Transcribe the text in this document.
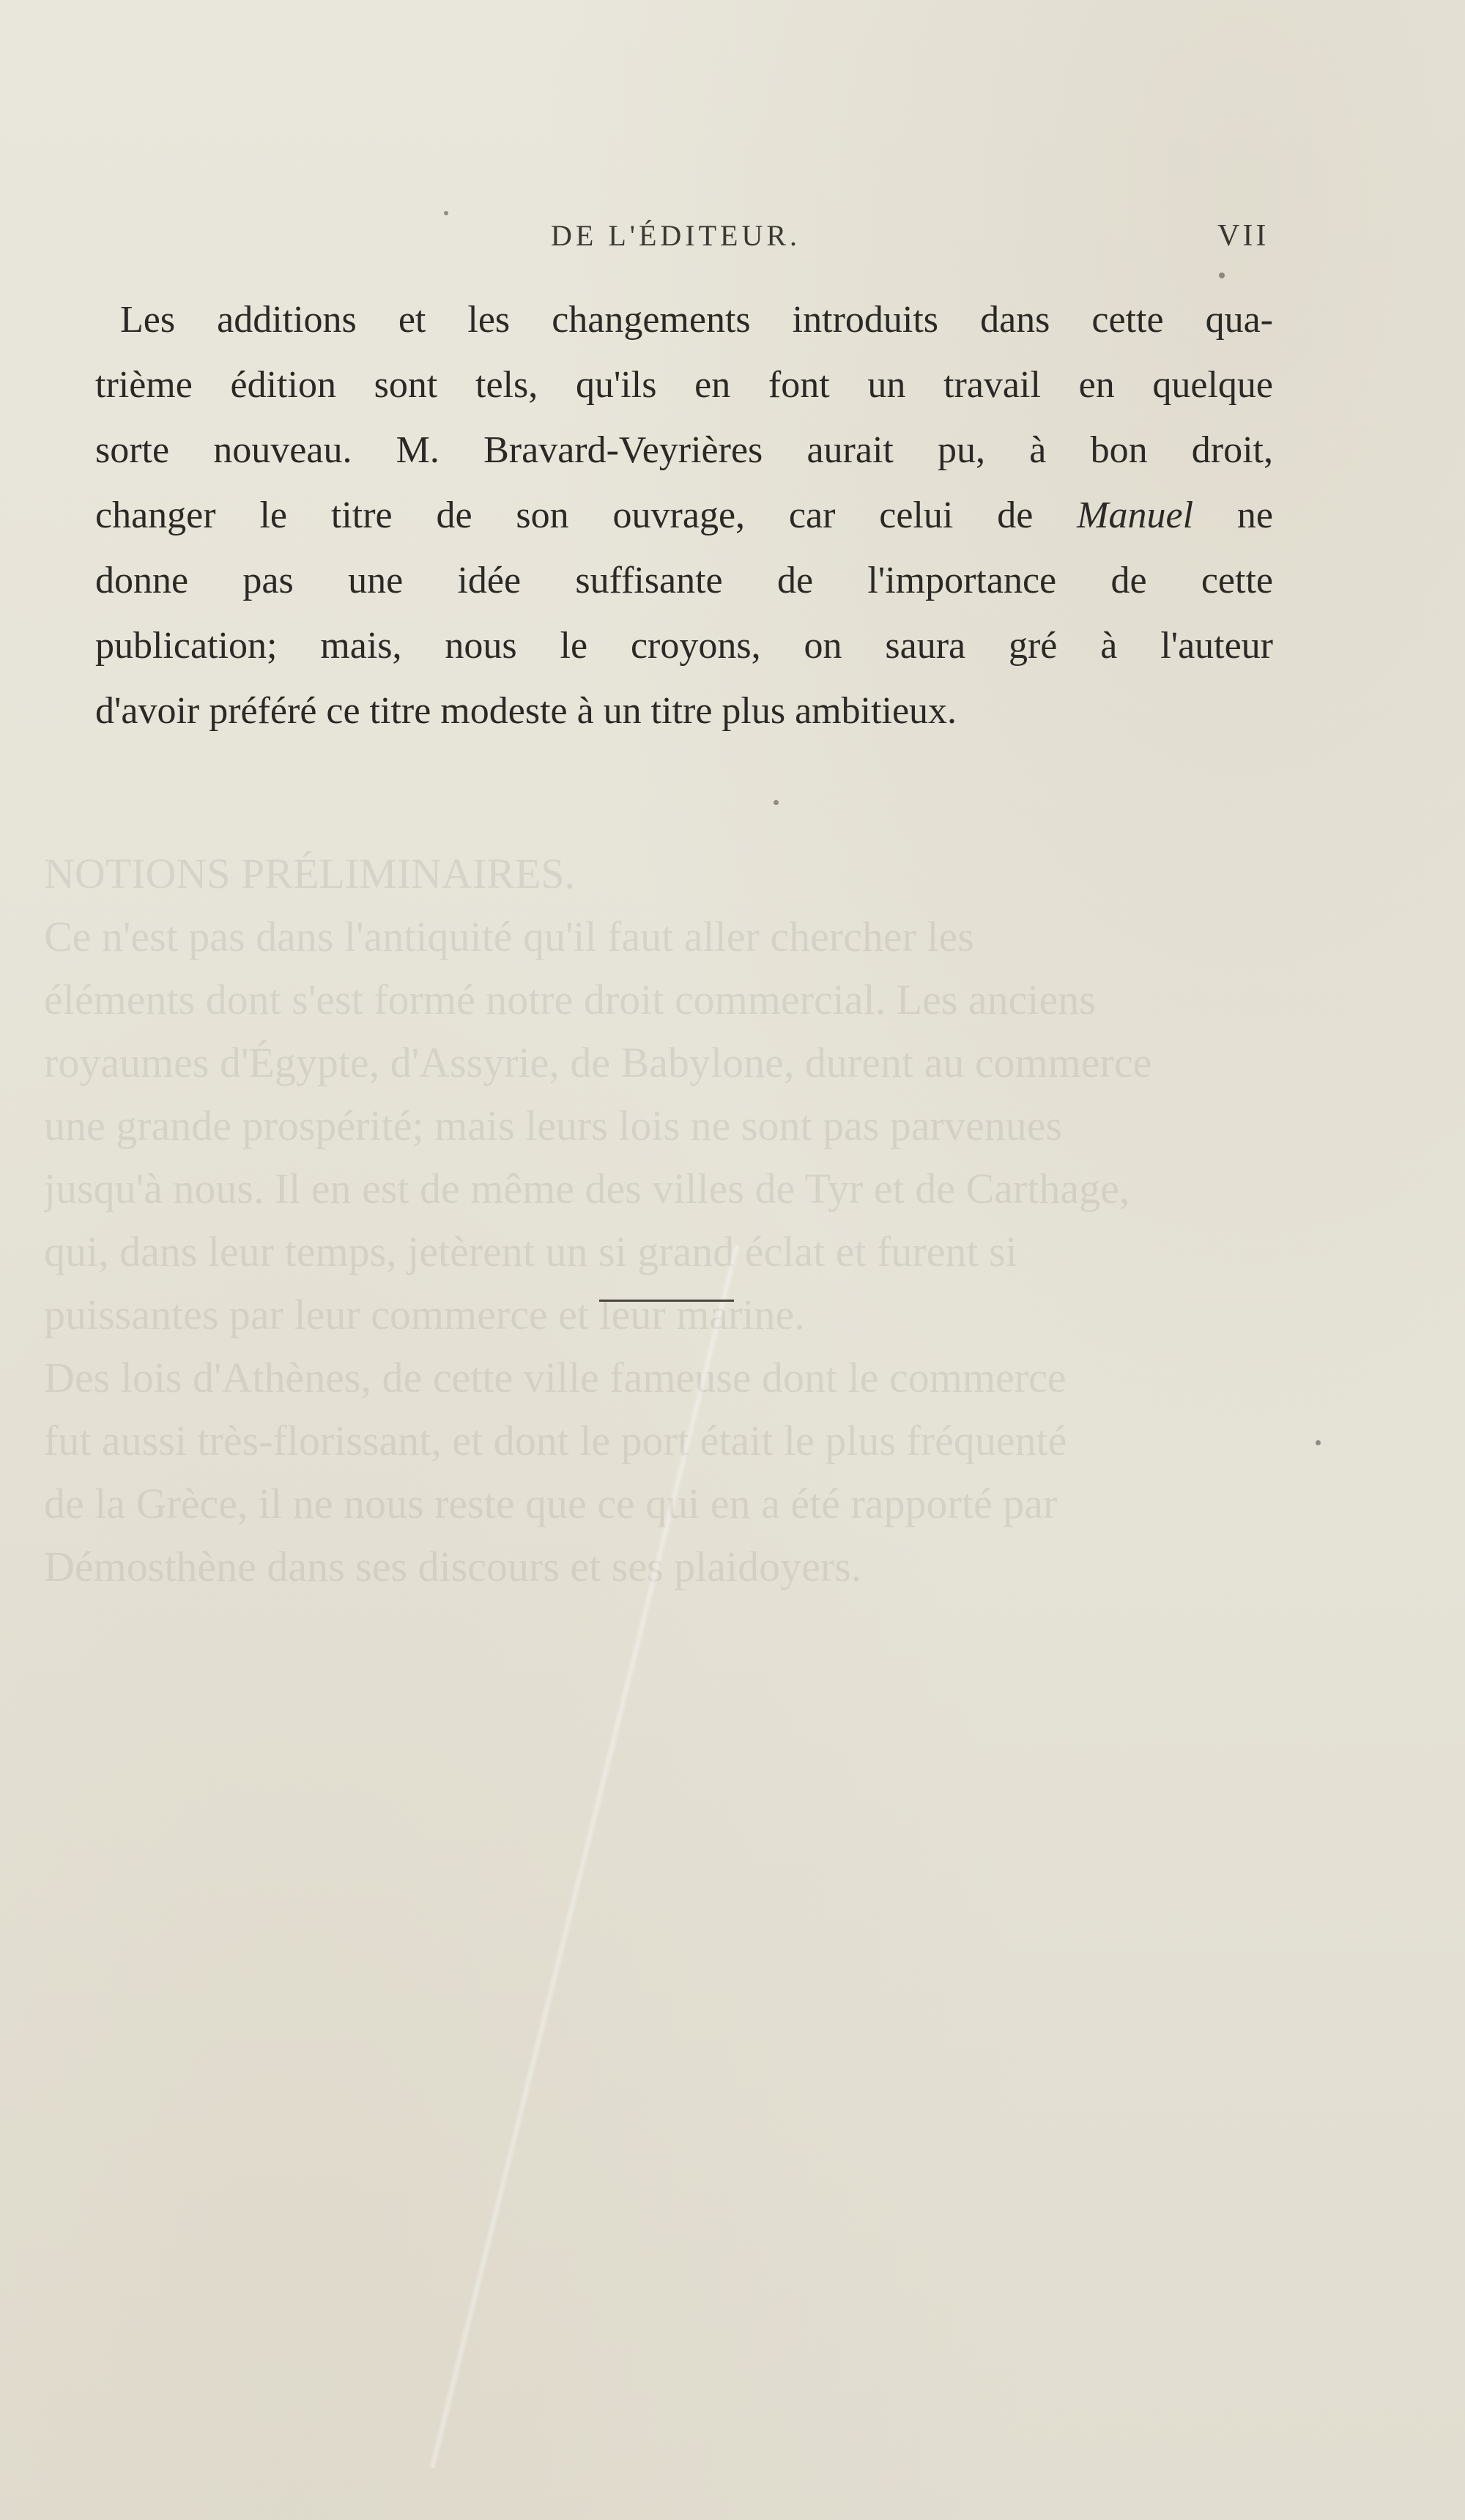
NOTIONS PRÉLIMINAIRES.
Ce n'est pas dans l'antiquité qu'il faut aller chercher les
éléments dont s'est formé notre droit commercial. Les anciens
royaumes d'Égypte, d'Assyrie, de Babylone, durent au commerce
une grande prospérité; mais leurs lois ne sont pas parvenues
jusqu'à nous. Il en est de même des villes de Tyr et de Carthage,
qui, dans leur temps, jetèrent un si grand éclat et furent si
puissantes par leur commerce et leur marine.
Des lois d'Athènes, de cette ville fameuse dont le commerce
fut aussi très-florissant, et dont le port était le plus fréquenté
de la Grèce, il ne nous reste que ce qui en a été rapporté par
Démosthène dans ses discours et ses plaidoyers.
DE L'ÉDITEUR.	VII
Les additions et les changements introduits dans cette qua-
trième édition sont tels, qu'ils en font un travail en quelque
sorte nouveau. M. Bravard-Veyrières aurait pu, à bon droit,
changer le titre de son ouvrage, car celui de Manuel ne
donne pas une idée suffisante de l'importance de cette
publication; mais, nous le croyons, on saura gré à l'auteur
d'avoir préféré ce titre modeste à un titre plus ambitieux.
